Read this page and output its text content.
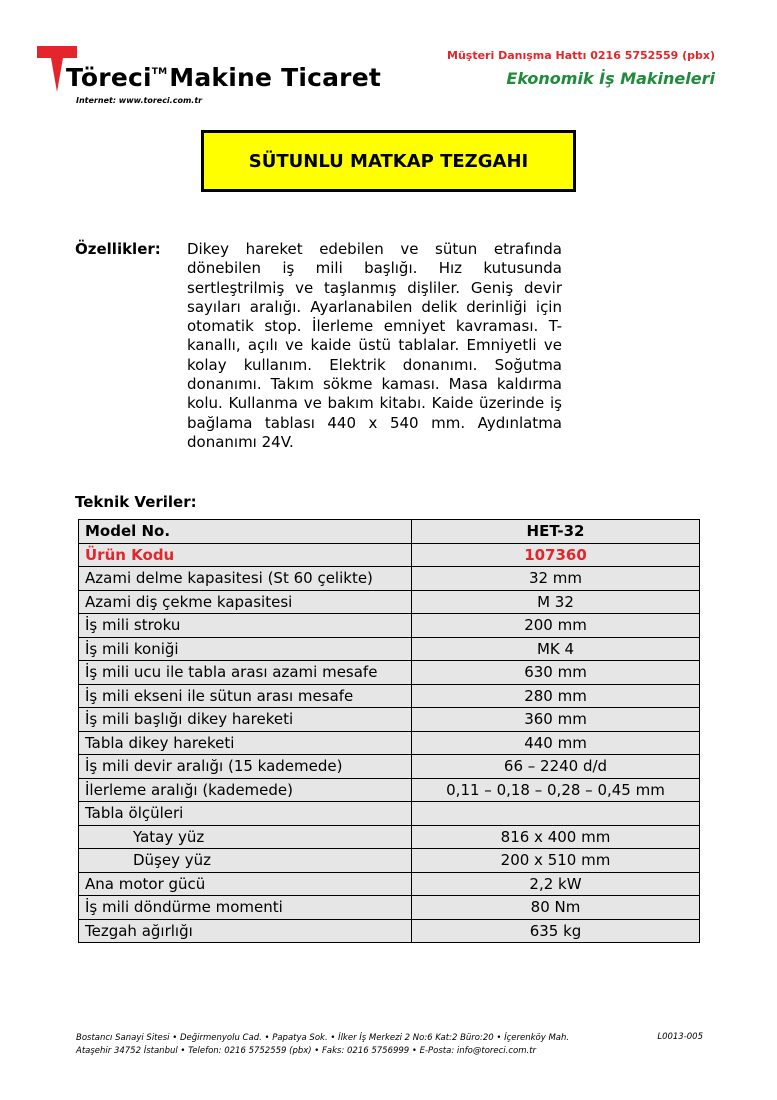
Töreci™Makine Ticaret
Internet: www.toreci.com.tr
Müşteri Danışma Hattı 0216 5752559 (pbx)
Ekonomik İş Makineleri
SÜTUNLU MATKAP TEZGAHI
Özellikler: Dikey hareket edebilen ve sütun etrafında dönebilen iş mili başlığı. Hız kutusunda sertleştrilmiş ve taşlanmış dişliler. Geniş devir sayıları aralığı. Ayarlanabilen delik derinliği için otomatik stop. İlerleme emniyet kavraması. T-kanallı, açılı ve kaide üstü tablalar. Emniyetli ve kolay kullanım. Elektrik donanımı. Soğutma donanımı. Takım sökme kaması. Masa kaldırma kolu. Kullanma ve bakım kitabı. Kaide üzerinde iş bağlama tablası 440 x 540 mm. Aydınlatma donanımı 24V.
Teknik Veriler:
Model No.	HET-32
Ürün Kodu	107360
Azami delme kapasitesi (St 60 çelikte)	32 mm
Azami diş çekme kapasitesi	M 32
İş mili stroku	200 mm
İş mili koniği	MK 4
İş mili ucu ile tabla arası azami mesafe	630 mm
İş mili ekseni ile sütun arası mesafe	280 mm
İş mili başlığı dikey hareketi	360 mm
Tabla dikey hareketi	440 mm
İş mili devir aralığı (15 kademede)	66 – 2240 d/d
İlerleme aralığı (kademede)	0,11 – 0,18 – 0,28 – 0,45 mm
Tabla ölçüleri	
Yatay yüz	816 x 400 mm
Düşey yüz	200 x 510 mm
Ana motor gücü	2,2 kW
İş mili döndürme momenti	80 Nm
Tezgah ağırlığı	635 kg
Bostancı Sanayi Sitesi • Değirmenyolu Cad. • Papatya Sok. • İlker İş Merkezi 2 No:6 Kat:2 Büro:20 • İçerenköy Mah.
Ataşehir 34752 İstanbul • Telefon: 0216 5752559 (pbx) • Faks: 0216 5756999 • E-Posta: info@toreci.com.tr
L0013-005
